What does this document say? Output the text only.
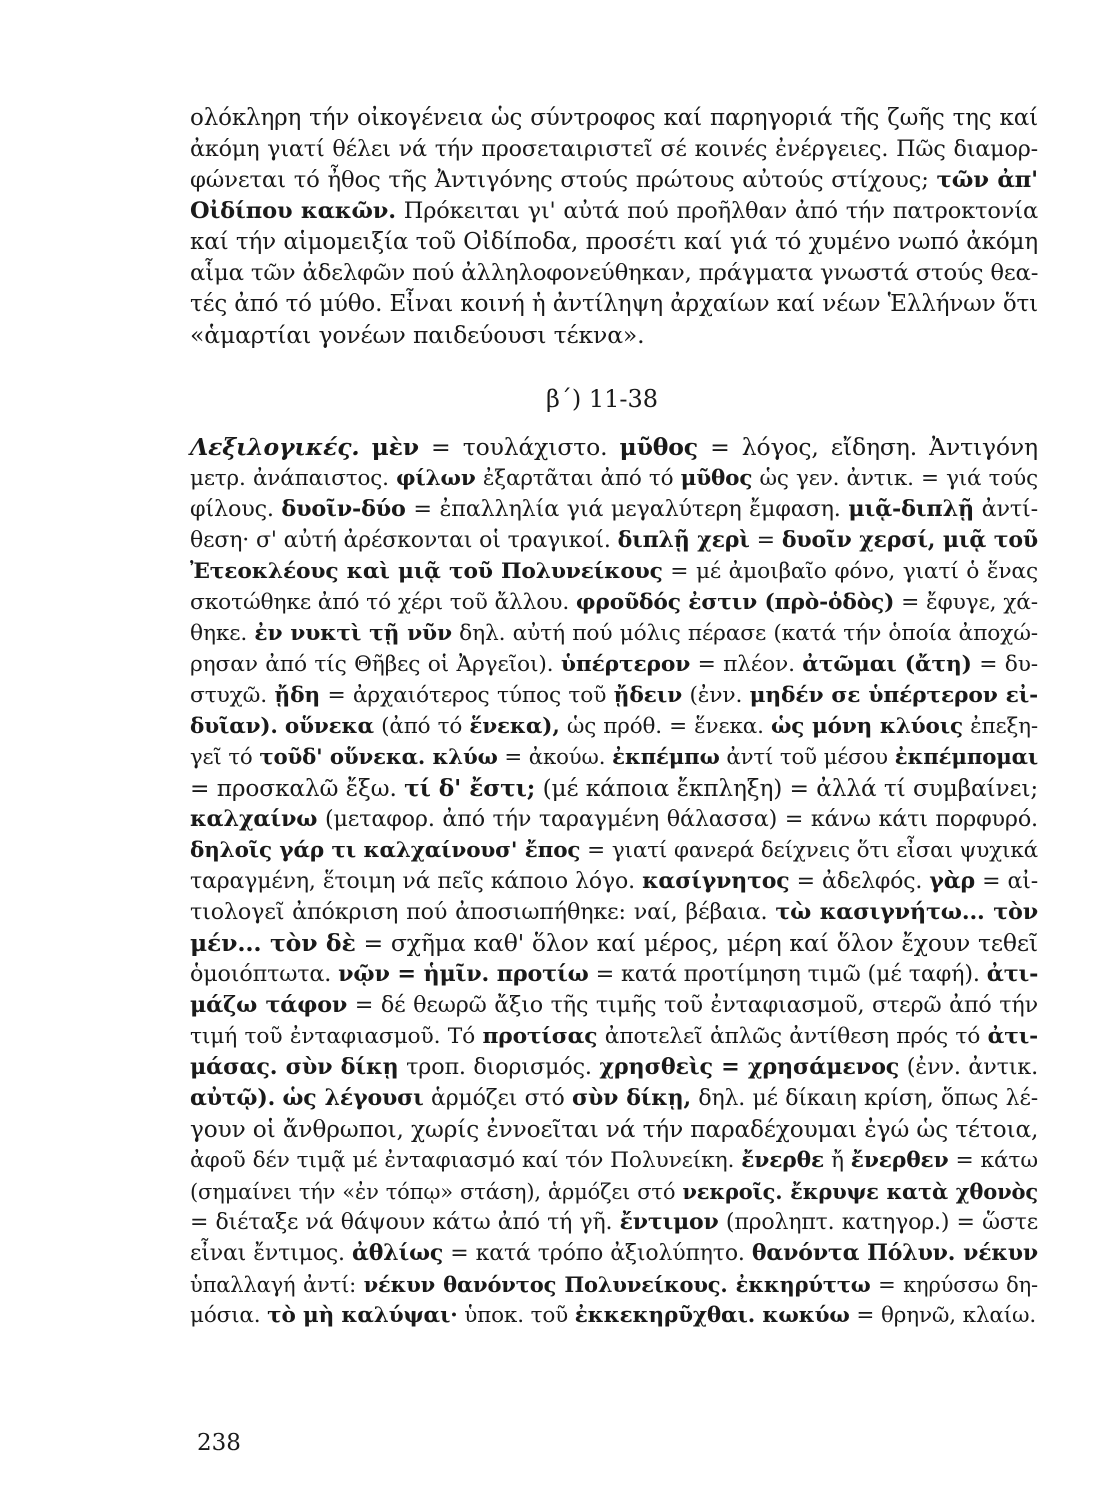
ολόκληρη τήν οἰκογένεια ὡς σύντροφος καί παρηγοριά τῆς ζωῆς της καί
ἀκόμη γιατί θέλει νά τήν προσεταιριστεῖ σέ κοινές ἐνέργειες. Πῶς διαμορ-
φώνεται τό ἦθος τῆς Ἀντιγόνης στούς πρώτους αὐτούς στίχους; τῶν ἀπ'
Οἰδίπου κακῶν. Πρόκειται γι' αὐτά πού προῆλθαν ἀπό τήν πατροκτονία
καί τήν αἱμομειξία τοῦ Οἰδίποδα, προσέτι καί γιά τό χυμένο νωπό ἀκόμη
αἷμα τῶν ἀδελφῶν πού ἀλληλοφονεύθηκαν, πράγματα γνωστά στούς θεα-
τές ἀπό τό μύθο. Εἶναι κοινή ἡ ἀντίληψη ἀρχαίων καί νέων Ἑλλήνων ὅτι
«ἁμαρτίαι γονέων παιδεύουσι τέκνα».
β΄) 11-38
Λεξιλογικές. μὲν = τουλάχιστο. μῦθος = λόγος, εἴδηση. Ἀντιγόνη
μετρ. ἀνάπαιστος. φίλων ἐξαρτᾶται ἀπό τό μῦθος ὡς γεν. ἀντικ. = γιά τούς
φίλους. δυοῖν-δύο = ἐπαλληλία γιά μεγαλύτερη ἔμφαση. μιᾷ-διπλῇ ἀντί-
θεση· σ' αὐτή ἀρέσκονται οἱ τραγικοί. διπλῇ χερὶ = δυοῖν χερσί, μιᾷ τοῦ
Ἐτεοκλέους καὶ μιᾷ τοῦ Πολυνείκους = μέ ἀμοιβαῖο φόνο, γιατί ὁ ἕνας
σκοτώθηκε ἀπό τό χέρι τοῦ ἄλλου. φροῦδός ἐστιν (πρὸ-ὁδὸς) = ἔφυγε, χά-
θηκε. ἐν νυκτὶ τῇ νῦν δηλ. αὐτή πού μόλις πέρασε (κατά τήν ὁποία ἀποχώ-
ρησαν ἀπό τίς Θῆβες οἱ Ἀργεῖοι). ὑπέρτερον = πλέον. ἀτῶμαι (ἄτη) = δυ-
στυχῶ. ᾔδη = ἀρχαιότερος τύπος τοῦ ᾔδειν (ἐνν. μηδέν σε ὑπέρτερον εἰ-
δυῖαν). οὕνεκα (ἀπό τό ἕνεκα), ὡς πρόθ. = ἕνεκα. ὡς μόνη κλύοις ἐπεξη-
γεῖ τό τοῦδ' οὕνεκα. κλύω = ἀκούω. ἐκπέμπω ἀντί τοῦ μέσου ἐκπέμπομαι
= προσκαλῶ ἔξω. τί δ' ἔστι; (μέ κάποια ἔκπληξη) = ἀλλά τί συμβαίνει;
καλχαίνω (μεταφορ. ἀπό τήν ταραγμένη θάλασσα) = κάνω κάτι πορφυρό.
δηλοῖς γάρ τι καλχαίνουσ' ἔπος = γιατί φανερά δείχνεις ὅτι εἶσαι ψυχικά
ταραγμένη, ἕτοιμη νά πεῖς κάποιο λόγο. κασίγνητος = ἀδελφός. γὰρ = αἰ-
τιολογεῖ ἀπόκριση πού ἀποσιωπήθηκε: ναί, βέβαια. τὼ κασιγνήτω... τὸν
μέν... τὸν δὲ = σχῆμα καθ' ὅλον καί μέρος, μέρη καί ὅλον ἔχουν τεθεῖ
ὁμοιόπτωτα. νῷν = ἡμῖν. προτίω = κατά προτίμηση τιμῶ (μέ ταφή). ἀτι-
μάζω τάφον = δέ θεωρῶ ἄξιο τῆς τιμῆς τοῦ ἐνταφιασμοῦ, στερῶ ἀπό τήν
τιμή τοῦ ἐνταφιασμοῦ. Τό προτίσας ἀποτελεῖ ἁπλῶς ἀντίθεση πρός τό ἀτι-
μάσας. σὺν δίκῃ τροπ. διορισμός. χρησθεὶς = χρησάμενος (ἐνν. ἀντικ.
αὐτῷ). ὡς λέγουσι ἁρμόζει στό σὺν δίκῃ, δηλ. μέ δίκαιη κρίση, ὅπως λέ-
γουν οἱ ἄνθρωποι, χωρίς ἐννοεῖται νά τήν παραδέχουμαι ἐγώ ὡς τέτοια,
ἀφοῦ δέν τιμᾷ μέ ἐνταφιασμό καί τόν Πολυνείκη. ἔνερθε ἤ ἔνερθεν = κάτω
(σημαίνει τήν «ἐν τόπῳ» στάση), ἁρμόζει στό νεκροῖς. ἔκρυψε κατὰ χθονὸς
= διέταξε νά θάψουν κάτω ἀπό τή γῆ. ἔντιμον (προληπτ. κατηγορ.) = ὥστε
εἶναι ἔντιμος. ἀθλίως = κατά τρόπο ἀξιολύπητο. θανόντα Πόλυν. νέκυν
ὑπαλλαγή ἀντί: νέκυν θανόντος Πολυνείκους. ἐκκηρύττω = κηρύσσω δη-
μόσια. τὸ μὴ καλύψαι· ὑποκ. τοῦ ἐκκεκηρῦχθαι. κωκύω = θρηνῶ, κλαίω.
238
